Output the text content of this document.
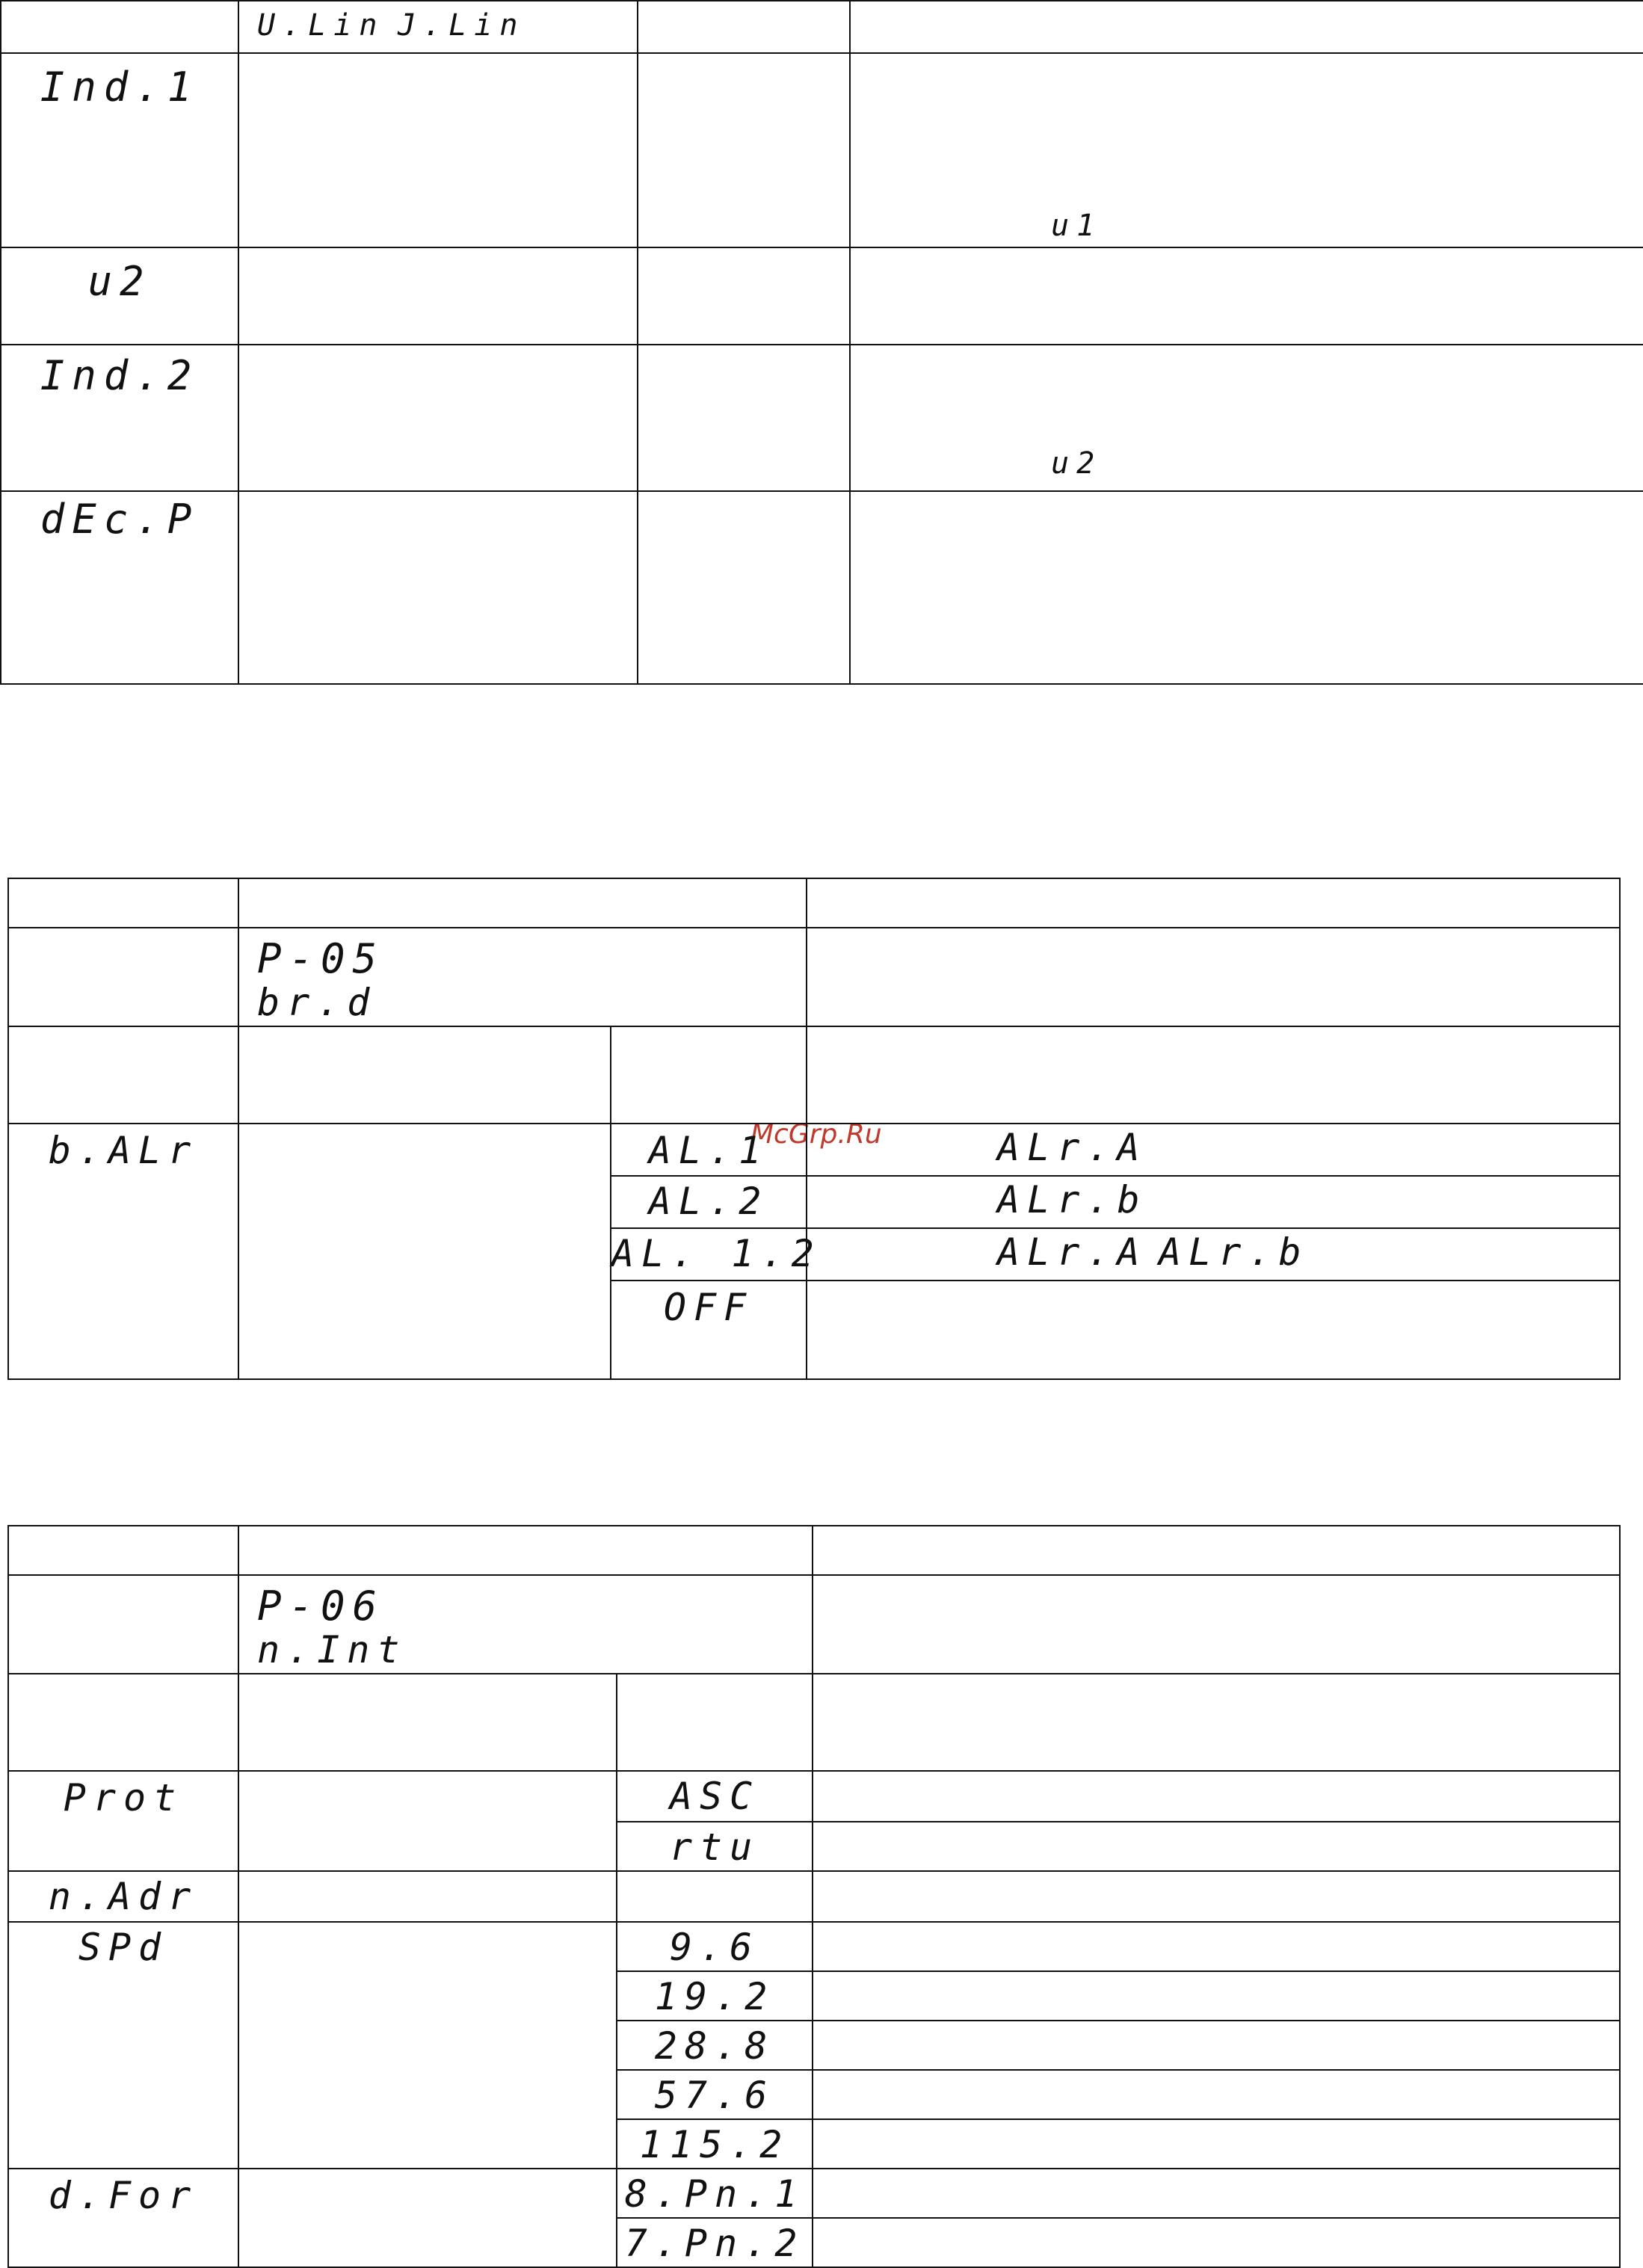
McGrp.Ru

	U.Lin J.Lin		

Ind.1			u1

u2			

Ind.2			u2

dEc.P			

	P-05
br.d		

b.ALr		AL.1	ALr.A

		AL.2	ALr.b

		AL. 1.2	ALr.A ALr.b

		OFF	

	P-06
n.Int		

Prot		ASC	

		rtu	

n.Adr			

SPd		9.6	

		19.2	

		28.8	

		57.6	

		115.2	

d.For		8.Pn.1	

		7.Pn.2	
